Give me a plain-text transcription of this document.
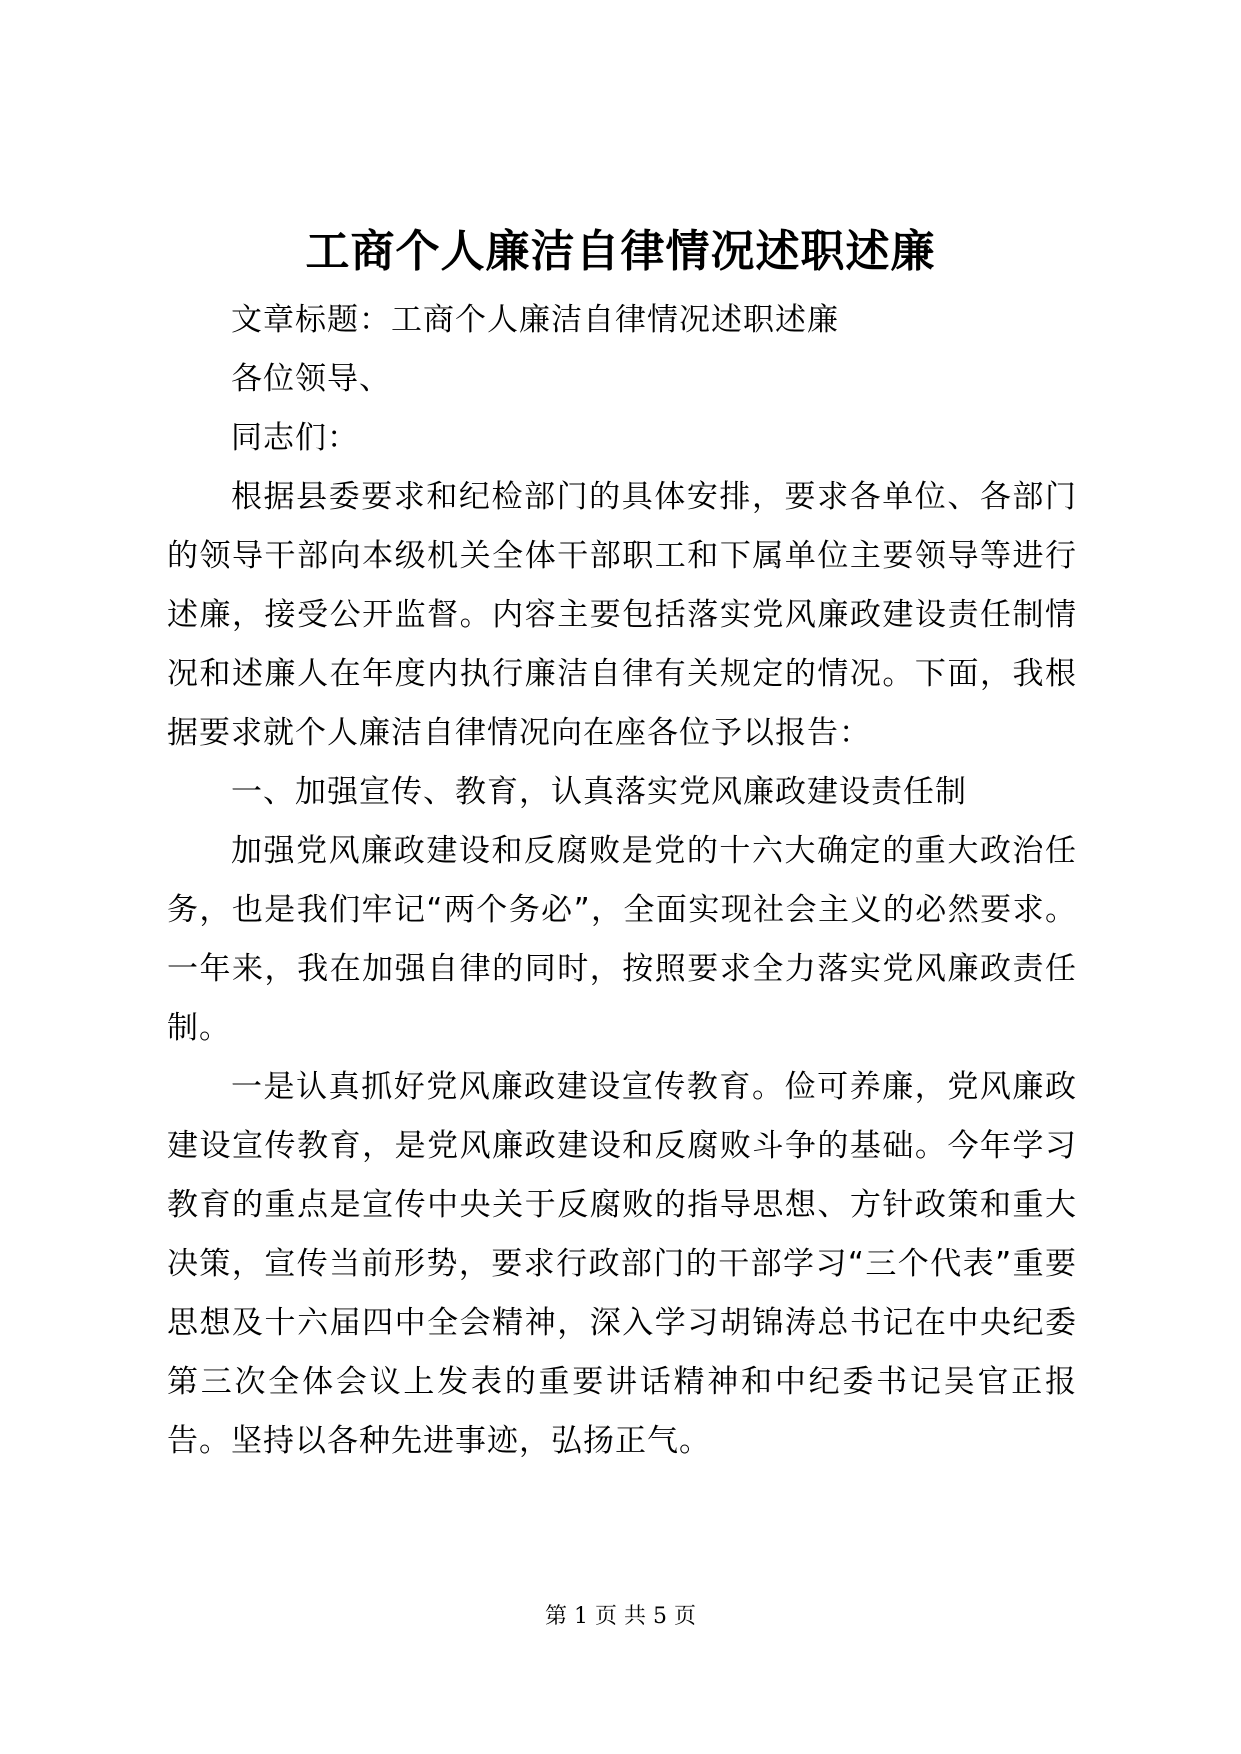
工商个人廉洁自律情况述职述廉

文章标题：工商个人廉洁自律情况述职述廉

各位领导、

同志们：

根据县委要求和纪检部门的具体安排，要求各单位、各部门的领导干部向本级机关全体干部职工和下属单位主要领导等进行述廉，接受公开监督。内容主要包括落实党风廉政建设责任制情况和述廉人在年度内执行廉洁自律有关规定的情况。下面，我根据要求就个人廉洁自律情况向在座各位予以报告：

一、加强宣传、教育，认真落实党风廉政建设责任制

加强党风廉政建设和反腐败是党的十六大确定的重大政治任务，也是我们牢记“两个务必”，全面实现社会主义的必然要求。一年来，我在加强自律的同时，按照要求全力落实党风廉政责任制。

一是认真抓好党风廉政建设宣传教育。俭可养廉，党风廉政建设宣传教育，是党风廉政建设和反腐败斗争的基础。今年学习教育的重点是宣传中央关于反腐败的指导思想、方针政策和重大决策，宣传当前形势，要求行政部门的干部学习“三个代表”重要思想及十六届四中全会精神，深入学习胡锦涛总书记在中央纪委第三次全体会议上发表的重要讲话精神和中纪委书记吴官正报告。坚持以各种先进事迹，弘扬正气。

第 1 页 共 5 页
